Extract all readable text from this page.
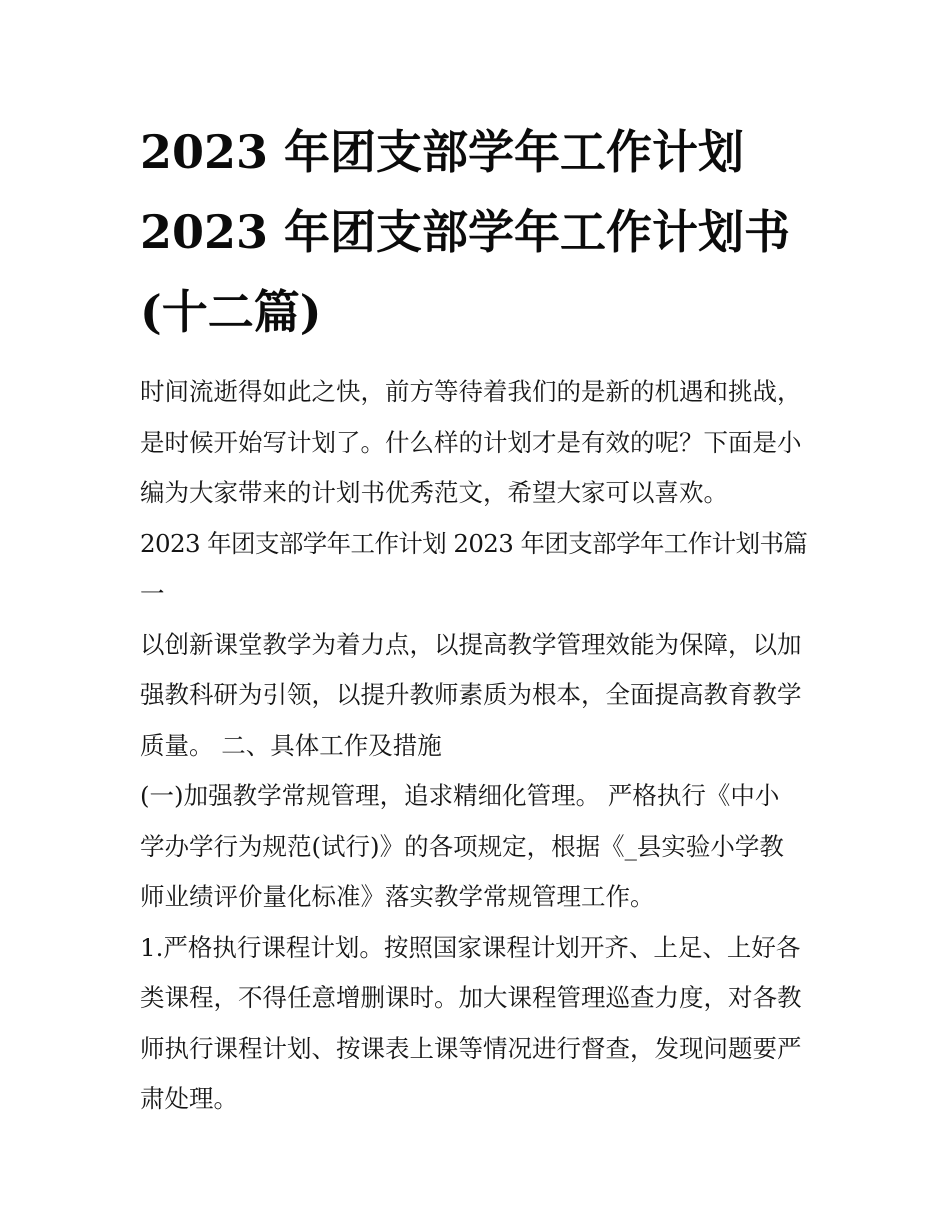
2023 年团支部学年工作计划
2023 年团支部学年工作计划书
(十二篇)

时间流逝得如此之快，前方等待着我们的是新的机遇和挑战，
是时候开始写计划了。什么样的计划才是有效的呢？下面是小
编为大家带来的计划书优秀范文，希望大家可以喜欢。

2023 年团支部学年工作计划 2023 年团支部学年工作计划书篇
一

以创新课堂教学为着力点，以提高教学管理效能为保障，以加
强教科研为引领，以提升教师素质为根本，全面提高教育教学
质量。 二、具体工作及措施

(一)加强教学常规管理，追求精细化管理。 严格执行《中小
学办学行为规范(试行)》的各项规定，根据《_县实验小学教
师业绩评价量化标准》落实教学常规管理工作。

1.严格执行课程计划。按照国家课程计划开齐、上足、上好各
类课程，不得任意增删课时。加大课程管理巡查力度，对各教
师执行课程计划、按课表上课等情况进行督查，发现问题要严
肃处理。
